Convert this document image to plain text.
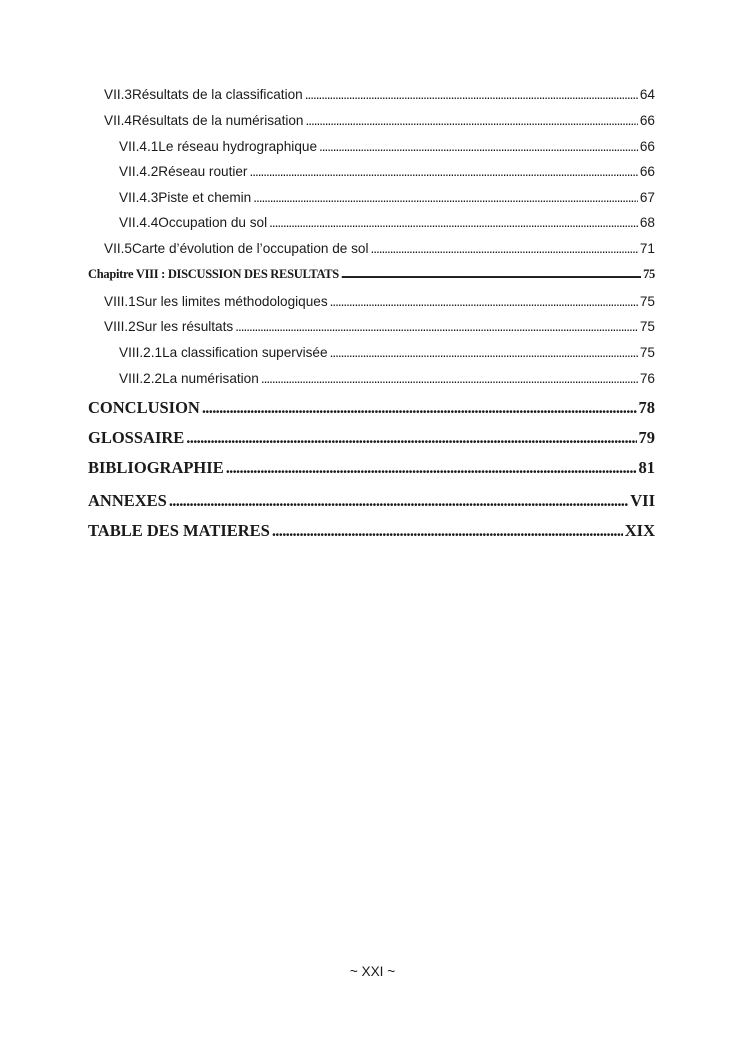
VII.3 Résultats de la classification . . .	64
VII.4 Résultats de la numérisation . . .	66
VII.4.1 Le réseau hydrographique . . .	66
VII.4.2 Réseau routier . . .	66
VII.4.3 Piste et chemin . . .	67
VII.4.4 Occupation du sol . . .	68
VII.5 Carte d’évolution de l’occupation de sol . . .	71
Chapitre VIII : DISCUSSION DES RESULTATS . . .	75
VIII.1 Sur les limites méthodologiques . . .	75
VIII.2 Sur les résultats . . .	75
VIII.2.1 La classification supervisée . . .	75
VIII.2.2 La numérisation . . .	76
CONCLUSION . . .	78
GLOSSAIRE . . .	79
BIBLIOGRAPHIE . . .	81
ANNEXES . . .	VII
TABLE DES MATIERES . . .	XIX
~ XXI ~
